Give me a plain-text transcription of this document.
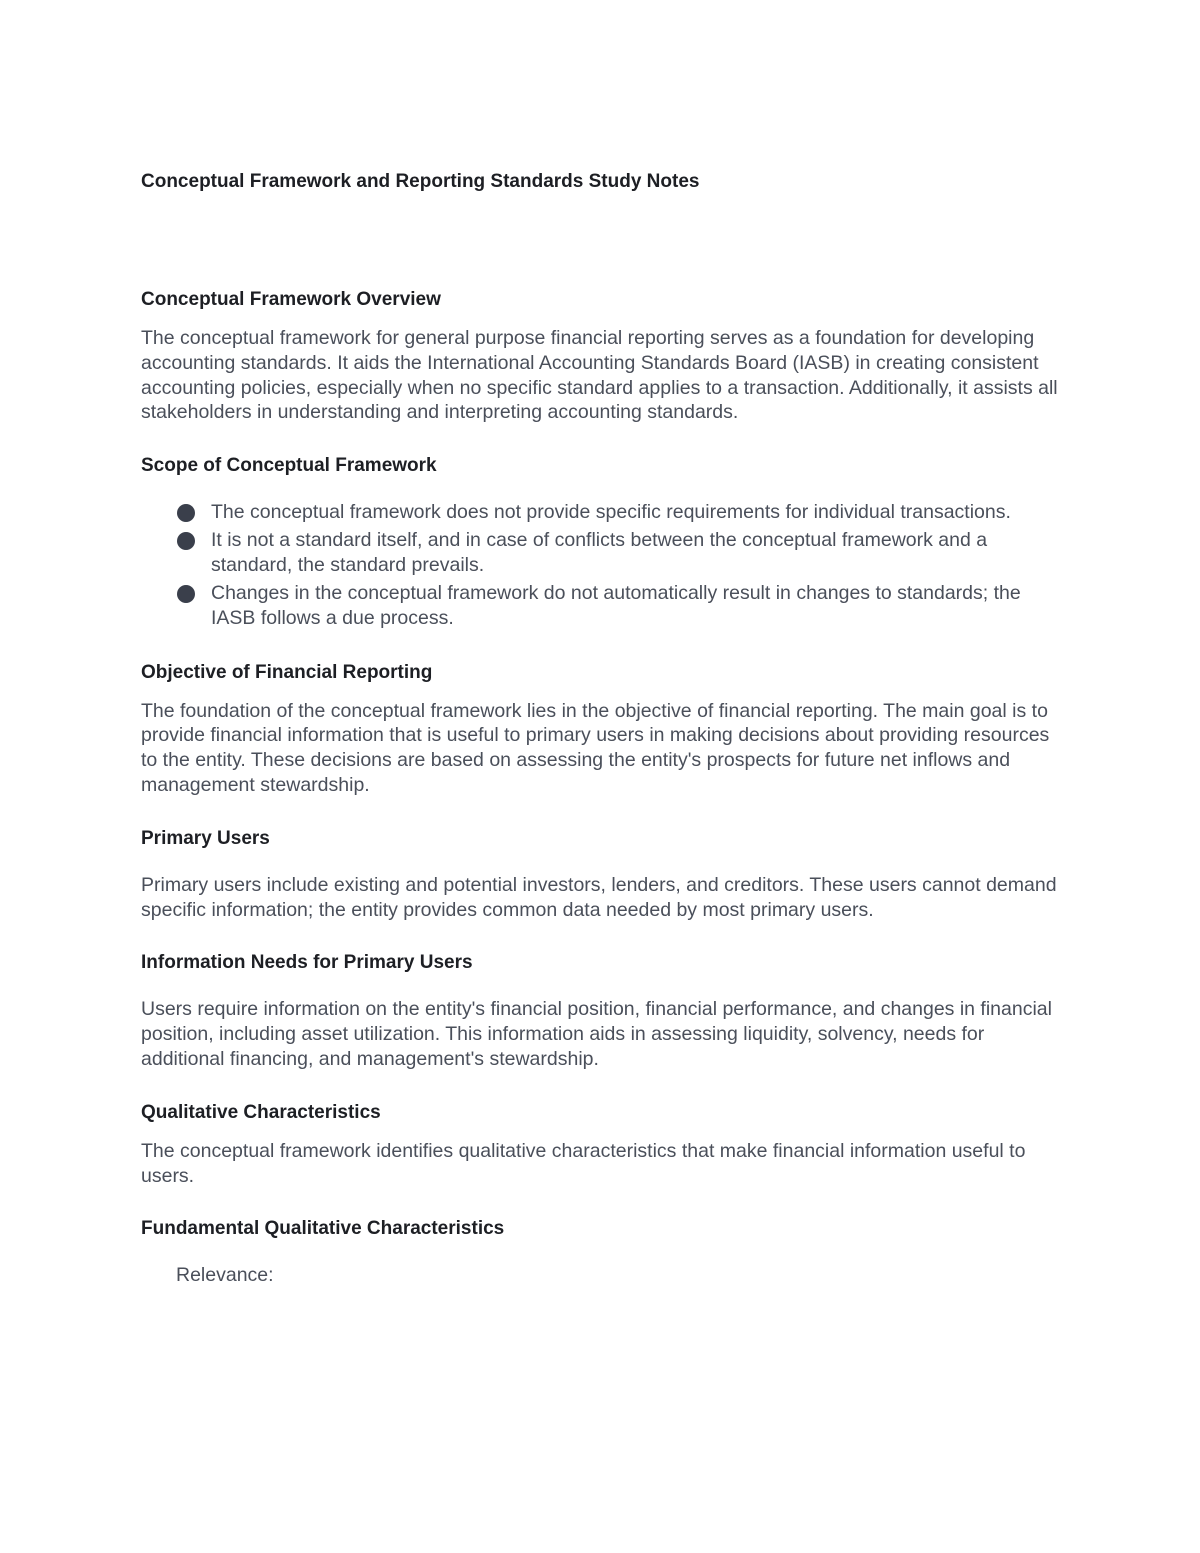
Conceptual Framework and Reporting Standards Study Notes
Conceptual Framework Overview

The conceptual framework for general purpose financial reporting serves as a foundation for developing accounting standards. It aids the International Accounting Standards Board (IASB) in creating consistent accounting policies, especially when no specific standard applies to a transaction. Additionally, it assists all stakeholders in understanding and interpreting accounting standards.

Scope of Conceptual Framework
The conceptual framework does not provide specific requirements for individual transactions.
It is not a standard itself, and in case of conflicts between the conceptual framework and a standard, the standard prevails.
Changes in the conceptual framework do not automatically result in changes to standards; the IASB follows a due process.
Objective of Financial Reporting

The foundation of the conceptual framework lies in the objective of financial reporting. The main goal is to provide financial information that is useful to primary users in making decisions about providing resources to the entity. These decisions are based on assessing the entity's prospects for future net inflows and management stewardship.

Primary Users

Primary users include existing and potential investors, lenders, and creditors. These users cannot demand specific information; the entity provides common data needed by most primary users.

Information Needs for Primary Users

Users require information on the entity's financial position, financial performance, and changes in financial position, including asset utilization. This information aids in assessing liquidity, solvency, needs for additional financing, and management's stewardship.

Qualitative Characteristics

The conceptual framework identifies qualitative characteristics that make financial information useful to users.

Fundamental Qualitative Characteristics
Relevance:
